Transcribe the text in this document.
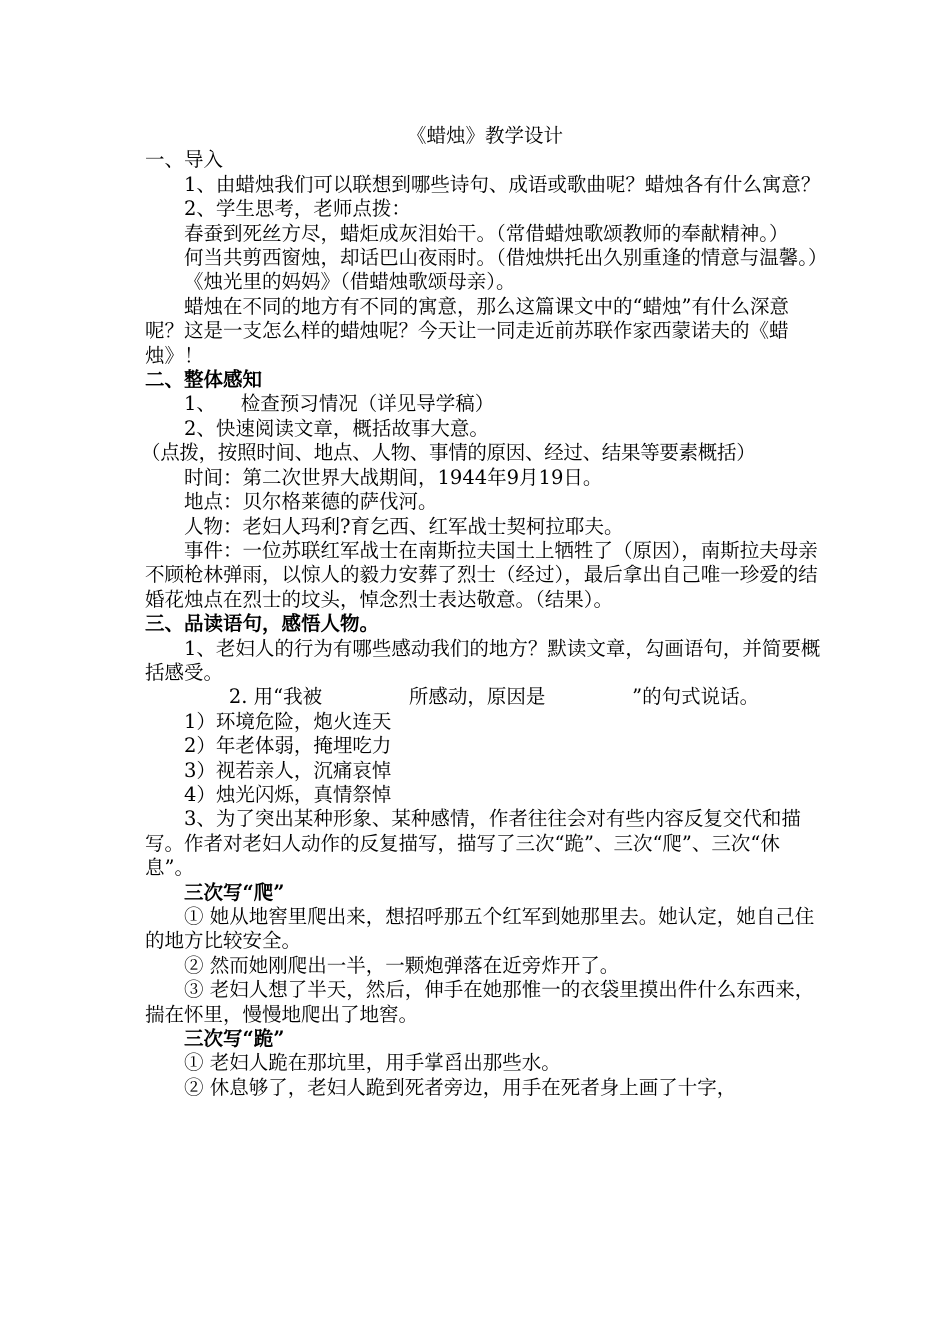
《蜡烛》教学设计

一、导入

1、由蜡烛我们可以联想到哪些诗句、成语或歌曲呢？蜡烛各有什么寓意？

2、学生思考，老师点拨：

春蚕到死丝方尽，蜡炬成灰泪始干。（常借蜡烛歌颂教师的奉献精神。）

何当共剪西窗烛，却话巴山夜雨时。（借烛烘托出久别重逢的情意与温馨。）

《烛光里的妈妈》（借蜡烛歌颂母亲）。

蜡烛在不同的地方有不同的寓意，那么这篇课文中的“蜡烛”有什么深意呢？这是一支怎么样的蜡烛呢？今天让一同走近前苏联作家西蒙诺夫的《蜡烛》！

二、整体感知

1、    检查预习情况（详见导学稿）

2、快速阅读文章，概括故事大意。

（点拨，按照时间、地点、人物、事情的原因、经过、结果等要素概括）

时间：第二次世界大战期间，1944年9月19日。

地点：贝尔格莱德的萨伐河。

人物：老妇人玛利?育乞西、红军战士契柯拉耶夫。

事件：一位苏联红军战士在南斯拉夫国土上牺牲了（原因），南斯拉夫母亲不顾枪林弹雨，以惊人的毅力安葬了烈士（经过），最后拿出自己唯一珍爱的结婚花烛点在烈士的坟头，悼念烈士表达敬意。（结果）。

三、品读语句，感悟人物。

1、老妇人的行为有哪些感动我们的地方？默读文章，勾画语句，并简要概括感受。

2. 用“我被              所感动，原因是              ”的句式说话。

1）环境危险，炮火连天

2）年老体弱，掩埋吃力

3）视若亲人，沉痛哀悼

4）烛光闪烁，真情祭悼

3、为了突出某种形象、某种感情，作者往往会对有些内容反复交代和描写。作者对老妇人动作的反复描写，描写了三次“跪”、三次“爬”、三次“休息”。

三次写“爬”

① 她从地窖里爬出来，想招呼那五个红军到她那里去。她认定，她自己住的地方比较安全。

② 然而她刚爬出一半，一颗炮弹落在近旁炸开了。

③ 老妇人想了半天，然后，伸手在她那惟一的衣袋里摸出件什么东西来，揣在怀里，慢慢地爬出了地窖。

三次写“跪”

① 老妇人跪在那坑里，用手掌舀出那些水。

② 休息够了，老妇人跪到死者旁边，用手在死者身上画了十字，
